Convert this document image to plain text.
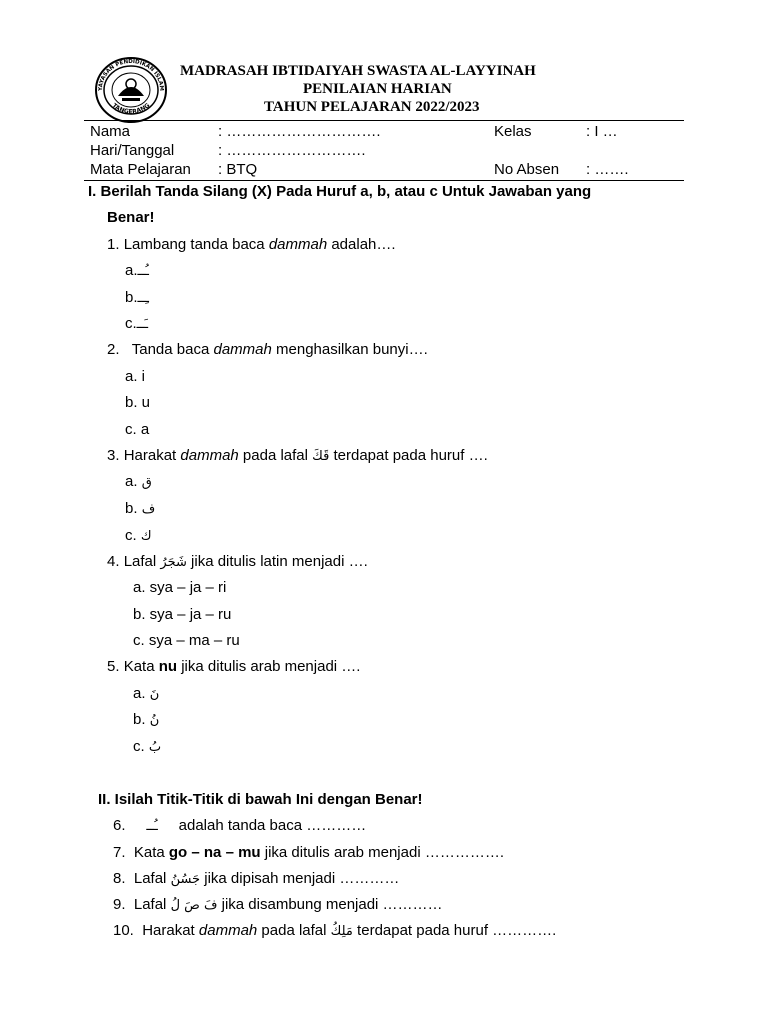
YAYASAN PENDIDIKAN ISLAM
TANGERANG
MADRASAH IBTIDAIYAH SWASTA AL-LAYYINAH
PENILAIAN HARIAN
TAHUN PELAJARAN 2022/2023
Nama	: ………………………….	Kelas	: I …
Hari/Tanggal	: ……………………….
Mata Pelajaran : BTQ	No Absen : …….
I. Berilah Tanda Silang (X) Pada Huruf a, b, atau c Untuk Jawaban yang
Benar!
1. Lambang tanda baca dammah adalah….
a.ـُــ
b.ـِــ
c.ـَــ
2. Tanda baca dammah menghasilkan bunyi….
a. i
b. u
c. a
3. Harakat dammah pada lafal قَكَ terdapat pada huruf ….
a. ق
b. ف
c. ك
4. Lafal شَجَرُ jika ditulis latin menjadi ….
a. sya – ja – ri
b. sya – ja – ru
c. sya – ma – ru
5. Kata nu jika ditulis arab menjadi ….
a. نَ
b. نُ
c. بُ
II. Isilah Titik-Titik di bawah Ini dengan Benar!
6. ـُــ adalah tanda baca …………
7. Kata go – na – mu jika ditulis arab menjadi …………….
8. Lafal جَسُنُ jika dipisah menjadi …………
9. Lafal فَ صَ لُ jika disambung menjadi …………
10. Harakat dammah pada lafal مَلِكُ terdapat pada huruf ………….
